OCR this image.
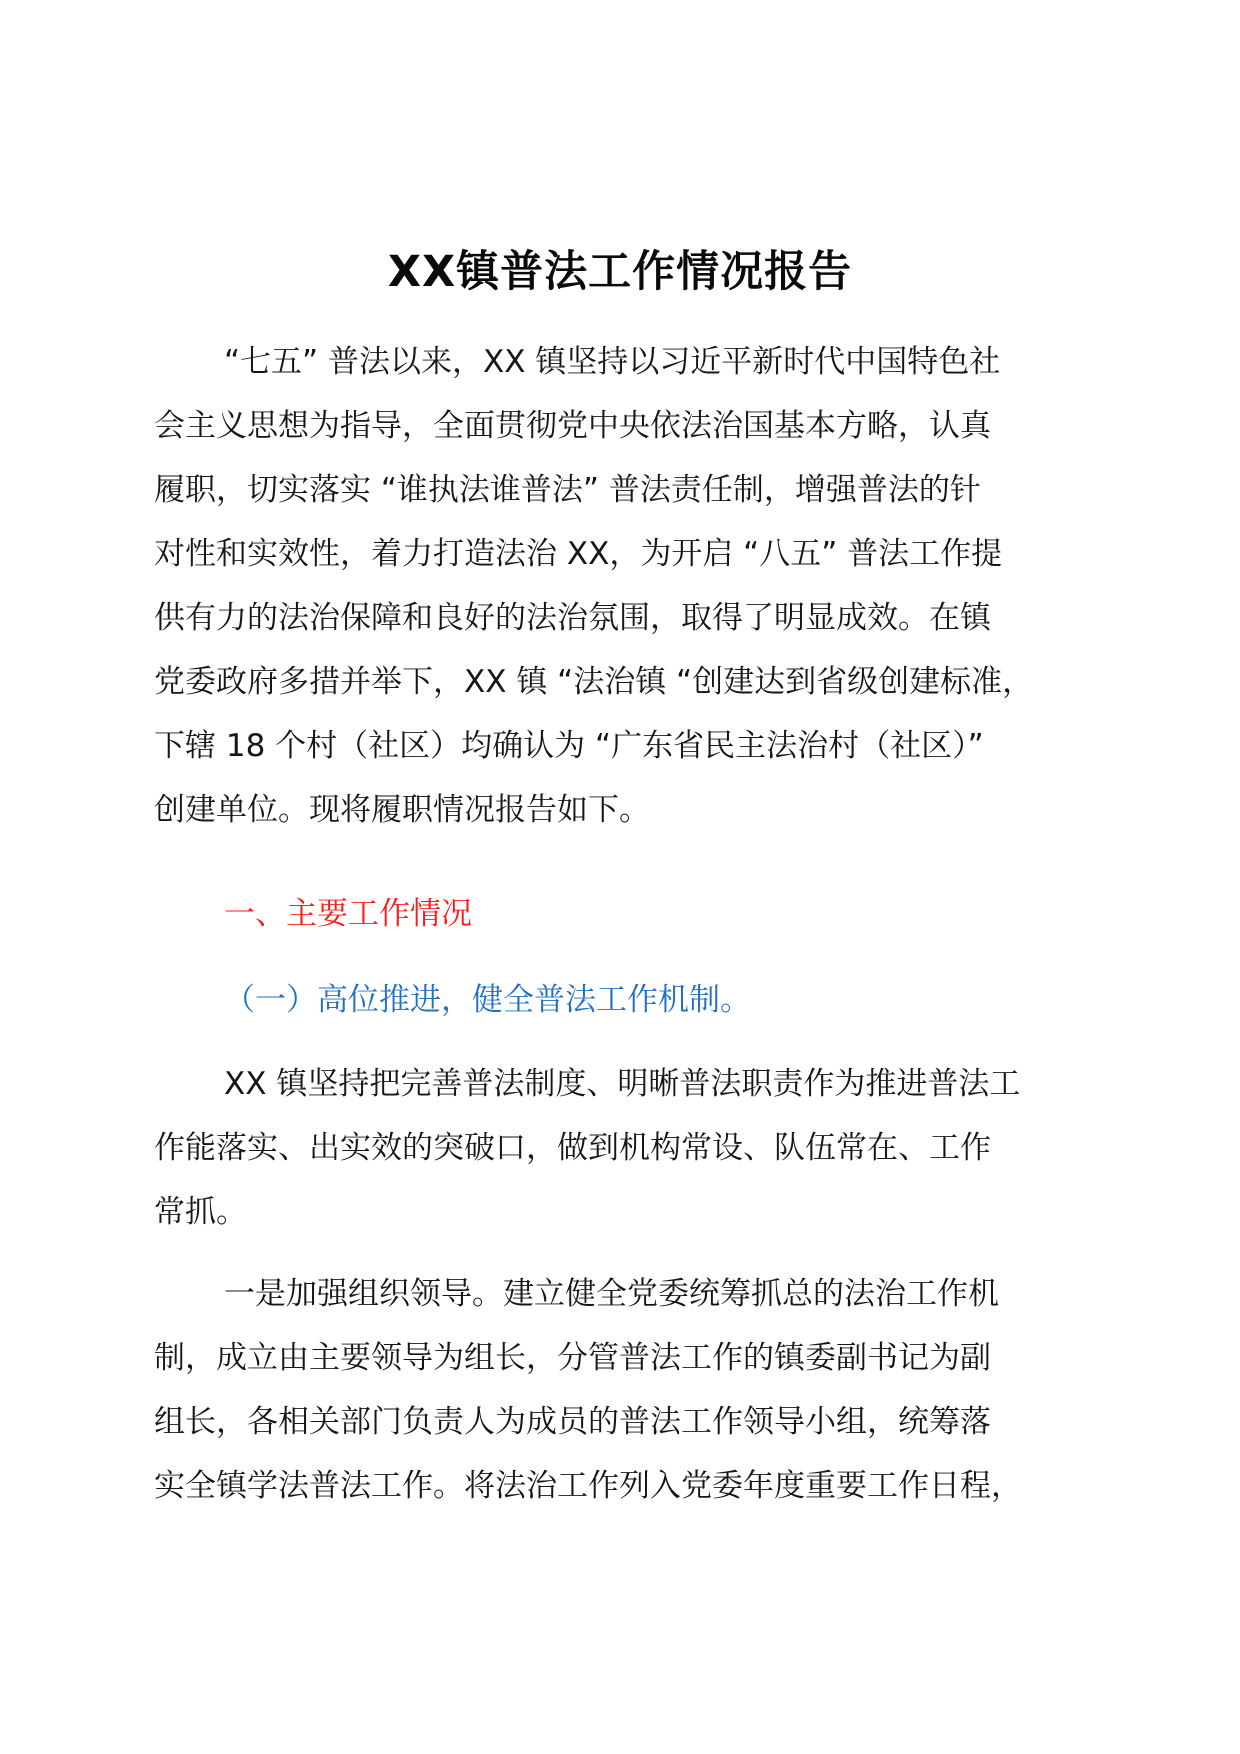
XX镇普法工作情况报告
“七五” 普法以来，XX 镇坚持以习近平新时代中国特色社
会主义思想为指导，全面贯彻党中央依法治国基本方略，认真
履职，切实落实 “谁执法谁普法” 普法责任制，增强普法的针
对性和实效性，着力打造法治 XX，为开启 “八五” 普法工作提
供有力的法治保障和良好的法治氛围，取得了明显成效。在镇
党委政府多措并举下，XX 镇 “法治镇 “创建达到省级创建标准，
下辖 18 个村（社区）均确认为 “广东省民主法治村（社区）”
创建单位。现将履职情况报告如下。
一、主要工作情况
（一）高位推进，健全普法工作机制。
XX 镇坚持把完善普法制度、明晰普法职责作为推进普法工
作能落实、出实效的突破口，做到机构常设、队伍常在、工作
常抓。
一是加强组织领导。建立健全党委统筹抓总的法治工作机
制，成立由主要领导为组长，分管普法工作的镇委副书记为副
组长，各相关部门负责人为成员的普法工作领导小组，统筹落
实全镇学法普法工作。将法治工作列入党委年度重要工作日程，
